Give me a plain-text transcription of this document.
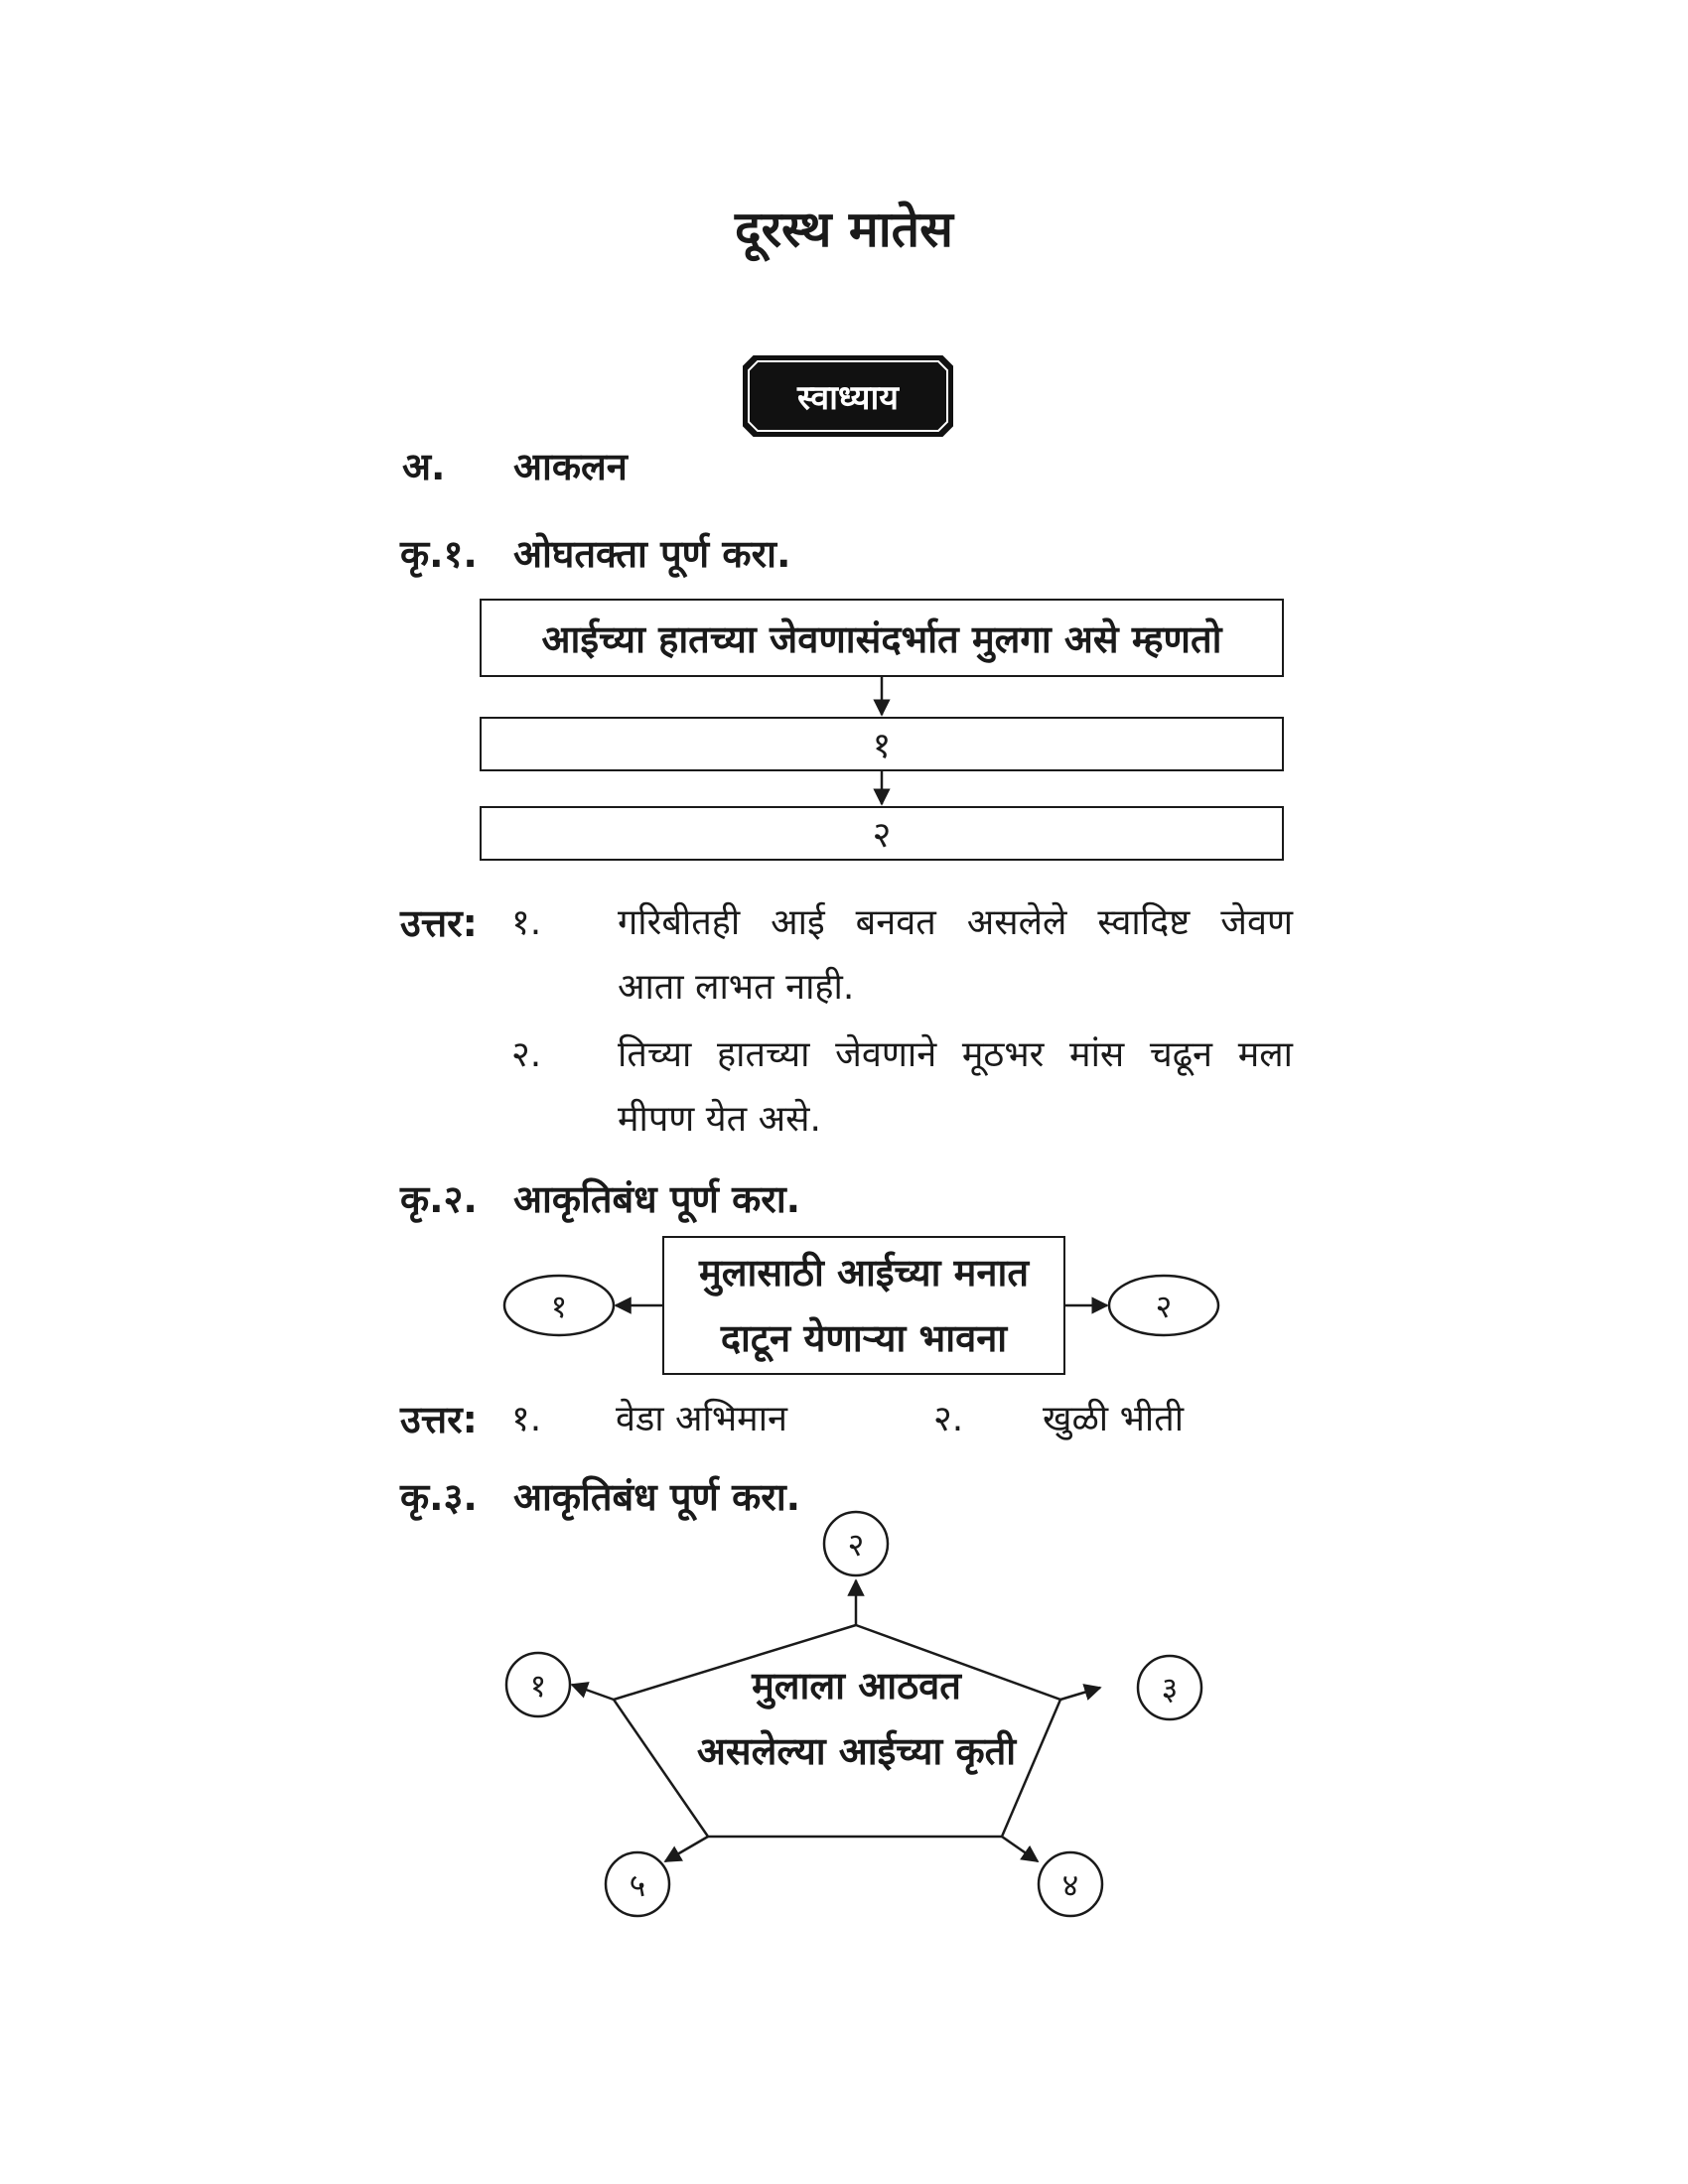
दूरस्थ मातेस
स्वाध्याय
अ. आकलन
कृ.१. ओघतक्ता पूर्ण करा.
आईच्या हातच्या जेवणासंदर्भात मुलगा असे म्हणतो
१
२
उत्तर: १. गरिबीतही आई बनवत असलेले स्वादिष्ट जेवण
आता लाभत नाही.
२. तिच्या हातच्या जेवणाने मूठभर मांस चढून मला
मीपण येत असे.
कृ.२. आकृतिबंध पूर्ण करा.
मुलासाठी आईच्या मनात
दाटून येणाऱ्या भावना
१	२
उत्तर: १. वेडा अभिमान	२. खुळी भीती
कृ.३. आकृतिबंध पूर्ण करा.
मुलाला आठवत
असलेल्या आईच्या कृती
२
१	३
४
५
